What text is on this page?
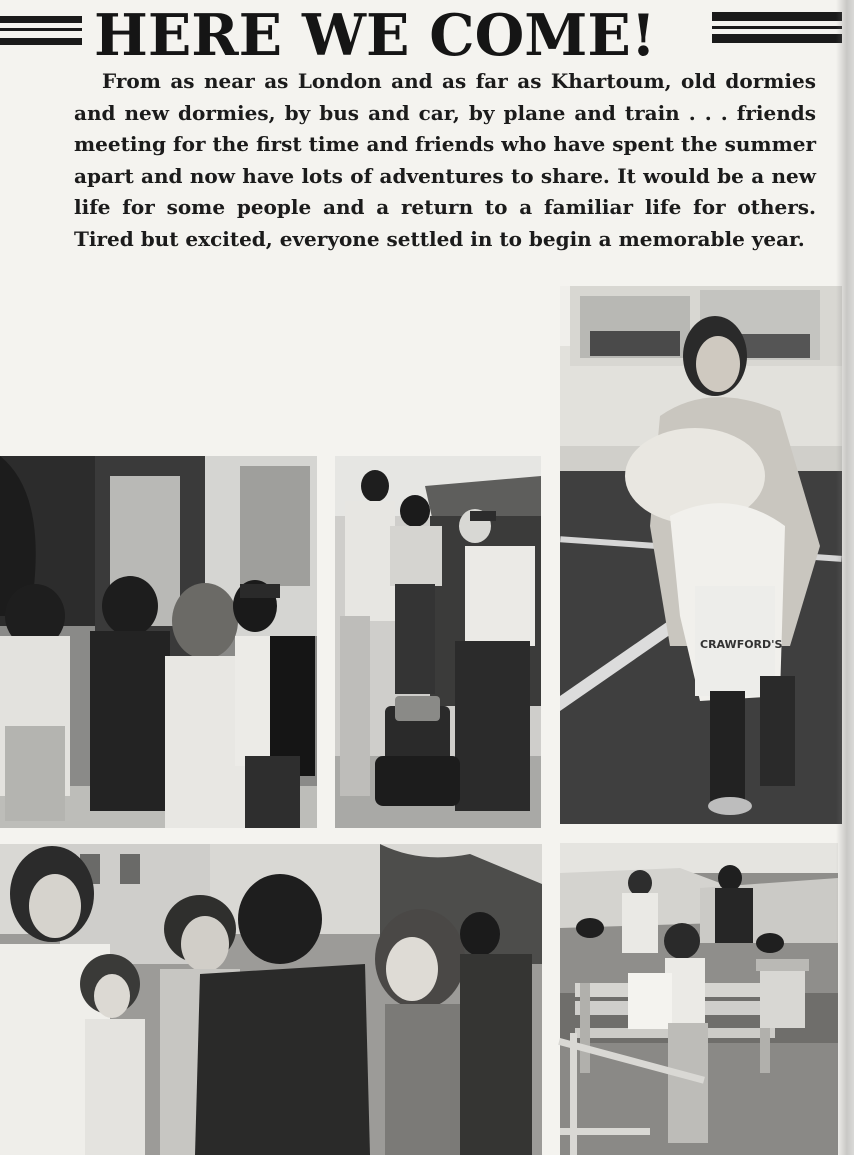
HERE WE COME!

From as near as London and as far as Khartoum, old dormies and new dormies, by bus and car, by plane and train . . . friends meeting for the first time and friends who have spent the summer apart and now have lots of adventures to share. It would be a new life for some people and a return to a familiar life for others. Tired but excited, everyone settled in to begin a memorable year.

CRAWFORD'S
